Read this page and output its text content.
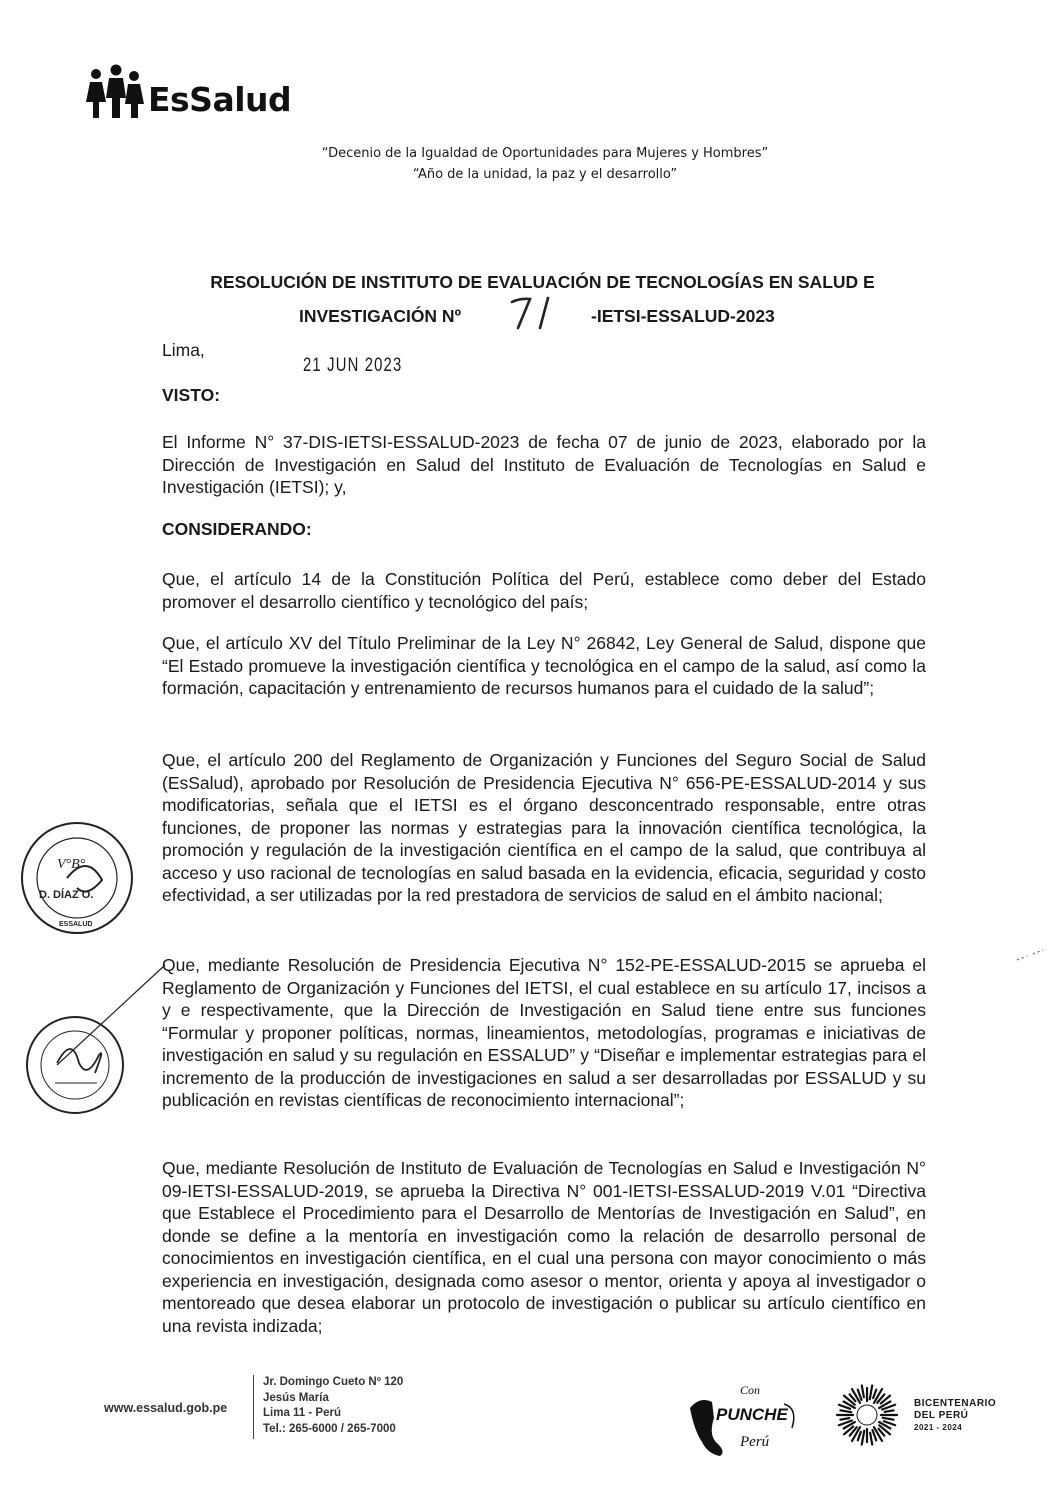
EsSalud
“Decenio de la Igualdad de Oportunidades para Mujeres y Hombres”
“Año de la unidad, la paz y el desarrollo”
RESOLUCIÓN DE INSTITUTO DE EVALUACIÓN DE TECNOLOGÍAS EN SALUD E
INVESTIGACIÓN Nº
71
-IETSI-ESSALUD-2023
Lima,
21 JUN 2023
VISTO:
El Informe N° 37-DIS-IETSI-ESSALUD-2023 de fecha 07 de junio de 2023, elaborado por la Dirección de Investigación en Salud del Instituto de Evaluación de Tecnologías en Salud e Investigación (IETSI); y,
CONSIDERANDO:
Que, el artículo 14 de la Constitución Política del Perú, establece como deber del Estado promover el desarrollo científico y tecnológico del país;
Que, el artículo XV del Título Preliminar de la Ley N° 26842, Ley General de Salud, dispone que “El Estado promueve la investigación científica y tecnológica en el campo de la salud, así como la formación, capacitación y entrenamiento de recursos humanos para el cuidado de la salud”;
Que, el artículo 200 del Reglamento de Organización y Funciones del Seguro Social de Salud (EsSalud), aprobado por Resolución de Presidencia Ejecutiva N° 656-PE-ESSALUD-2014 y sus modificatorias, señala que el IETSI es el órgano desconcentrado responsable, entre otras funciones, de proponer las normas y estrategias para la innovación científica tecnológica, la promoción y regulación de la investigación científica en el campo de la salud, que contribuya al acceso y uso racional de tecnologías en salud basada en la evidencia, eficacia, seguridad y costo efectividad, a ser utilizadas por la red prestadora de servicios de salud en el ámbito nacional;
Que, mediante Resolución de Presidencia Ejecutiva N° 152-PE-ESSALUD-2015 se aprueba el Reglamento de Organización y Funciones del IETSI, el cual establece en su artículo 17, incisos a y e respectivamente, que la Dirección de Investigación en Salud tiene entre sus funciones “Formular y proponer políticas, normas, lineamientos, metodologías, programas e iniciativas de investigación en salud y su regulación en ESSALUD” y “Diseñar e implementar estrategias para el incremento de la producción de investigaciones en salud a ser desarrolladas por ESSALUD y su publicación en revistas científicas de reconocimiento internacional”;
Que, mediante Resolución de Instituto de Evaluación de Tecnologías en Salud e Investigación N° 09-IETSI-ESSALUD-2019, se aprueba la Directiva N° 001-IETSI-ESSALUD-2019 V.01 “Directiva que Establece el Procedimiento para el Desarrollo de Mentorías de Investigación en Salud”, en donde se define a la mentoría en investigación como la relación de desarrollo personal de conocimientos en investigación científica, en el cual una persona con mayor conocimiento o más experiencia en investigación, designada como asesor o mentor, orienta y apoya al investigador o mentoreado que desea elaborar un protocolo de investigación o publicar su artículo científico en una revista indizada;
V°B°
D. DÍAZ O.
ESSALUD
www.essalud.gob.pe
Jr. Domingo Cueto Nº 120
Jesús María
Lima 11 - Perú
Tel.: 265-6000 / 265-7000
Con
PUNCHE
Perú
BICENTENARIO
DEL PERÚ
2021 - 2024
